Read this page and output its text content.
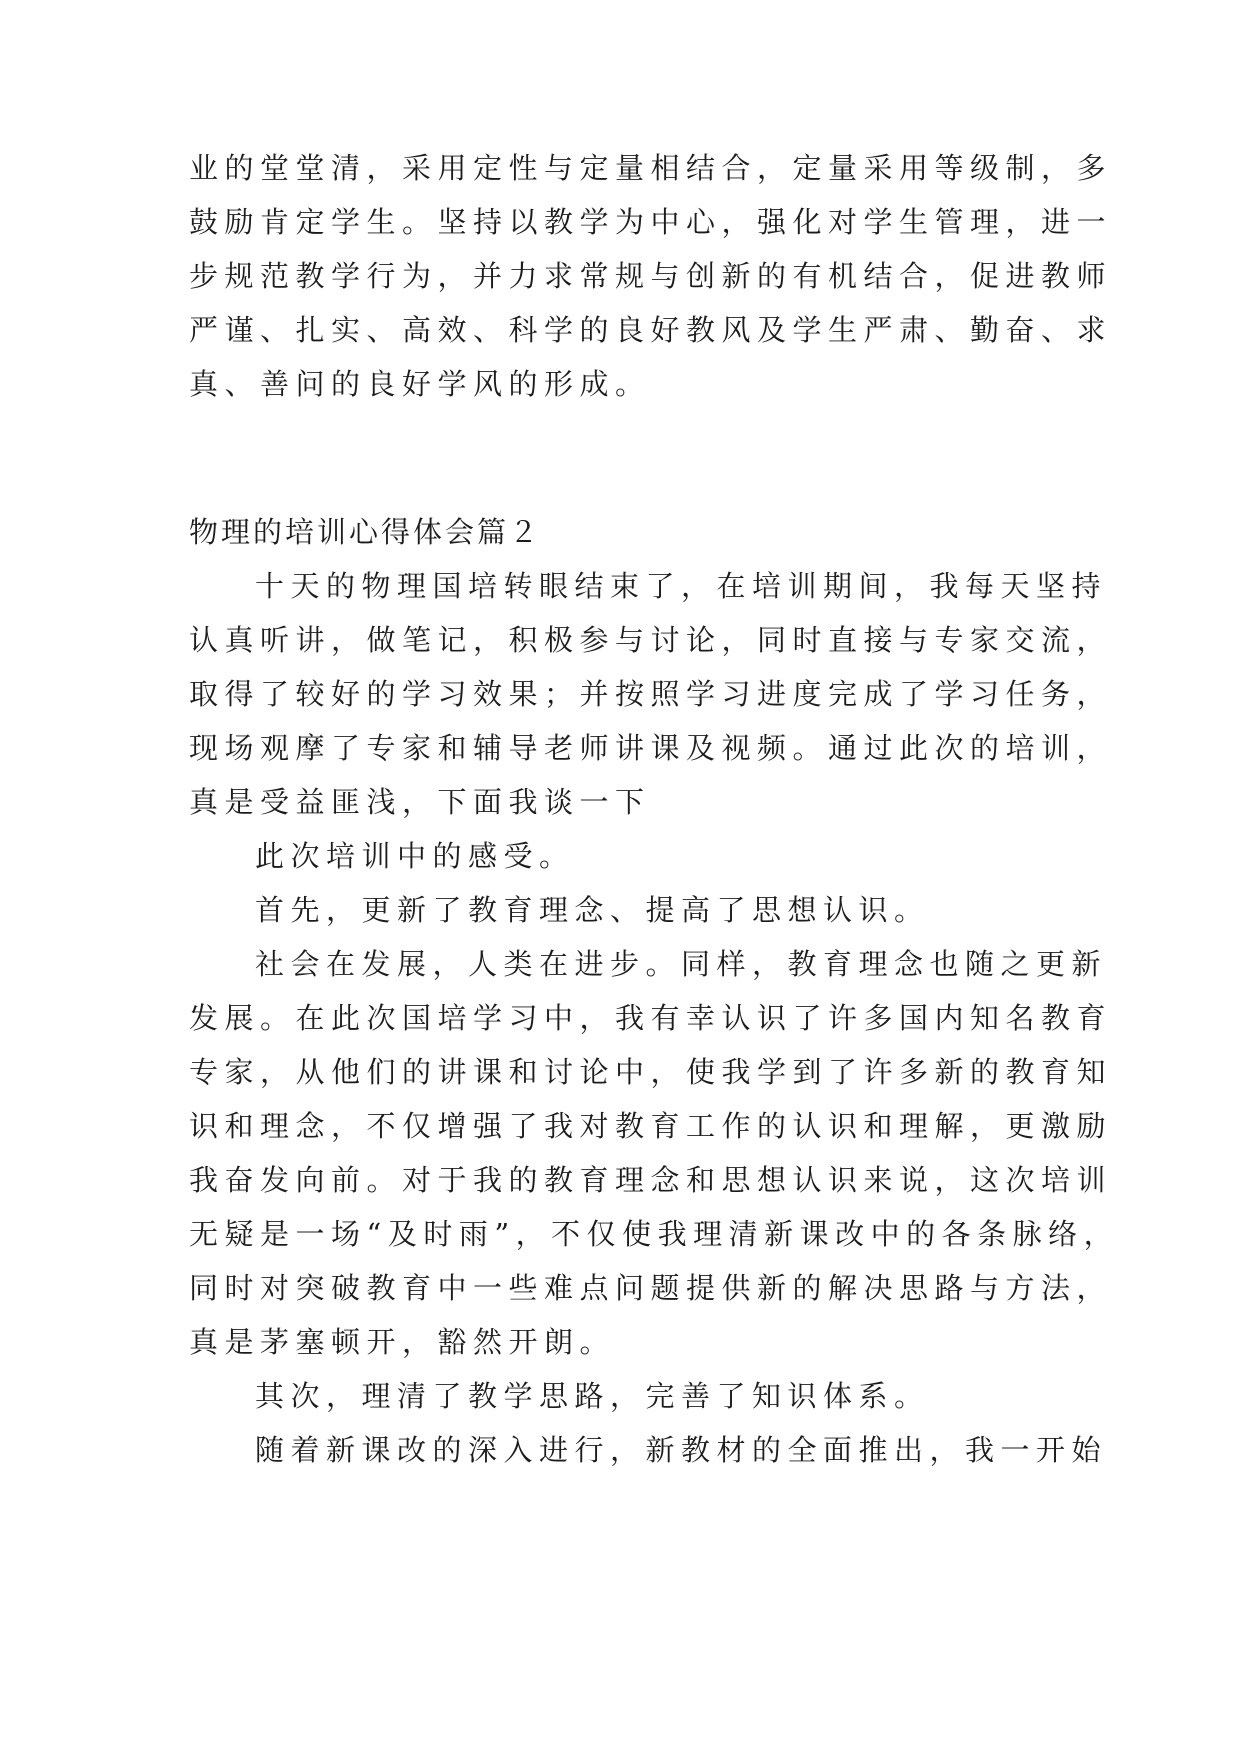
业的堂堂清，采用定性与定量相结合，定量采用等级制，多
鼓励肯定学生。坚持以教学为中心，强化对学生管理，进一
步规范教学行为，并力求常规与创新的有机结合，促进教师
严谨、扎实、高效、科学的良好教风及学生严肃、勤奋、求
真、善问的良好学风的形成。
物理的培训心得体会篇２
十天的物理国培转眼结束了，在培训期间，我每天坚持
认真听讲，做笔记，积极参与讨论，同时直接与专家交流，
取得了较好的学习效果；并按照学习进度完成了学习任务，
现场观摩了专家和辅导老师讲课及视频。通过此次的培训，
真是受益匪浅，下面我谈一下
此次培训中的感受。
首先，更新了教育理念、提高了思想认识。
社会在发展，人类在进步。同样，教育理念也随之更新
发展。在此次国培学习中，我有幸认识了许多国内知名教育
专家，从他们的讲课和讨论中，使我学到了许多新的教育知
识和理念，不仅增强了我对教育工作的认识和理解，更激励
我奋发向前。对于我的教育理念和思想认识来说，这次培训
无疑是一场“及时雨”，不仅使我理清新课改中的各条脉络，
同时对突破教育中一些难点问题提供新的解决思路与方法，
真是茅塞顿开，豁然开朗。
其次，理清了教学思路，完善了知识体系。
随着新课改的深入进行，新教材的全面推出，我一开始
